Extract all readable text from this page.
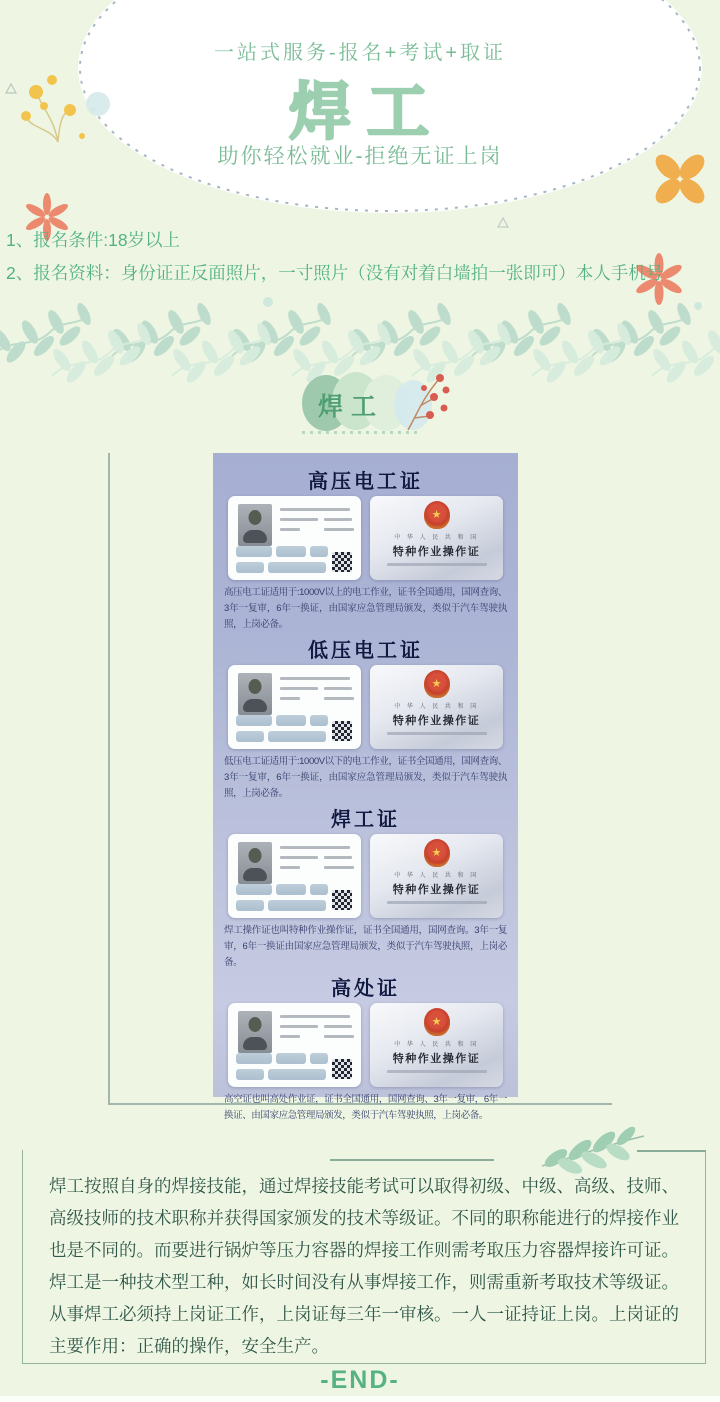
一站式服务-报名+考试+取证
焊工
助你轻松就业-拒绝无证上岗
1、报名条件:18岁以上
2、报名资料：身份证正反面照片，一寸照片（没有对着白墙拍一张即可）本人手机号
焊工
高压电工证
★
中 华 人 民 共 和 国
特种作业操作证
高压电工证适用于:1000V以上的电工作业，证书全国通用，国网查询、3年一复审，6年一换证，由国家应急管理局颁发，类似于汽车驾驶执照，上岗必备。
低压电工证
★
中 华 人 民 共 和 国
特种作业操作证
低压电工证适用于:1000V以下的电工作业，证书全国通用，国网查询、3年一复审，6年一换证，由国家应急管理局颁发，类似于汽车驾驶执照，上岗必备。
焊工证
★
中 华 人 民 共 和 国
特种作业操作证
焊工操作证也叫特种作业操作证，证书全国通用，国网查询。3年一复审，6年一换证由国家应急管理局颁发，类似于汽车驾驶执照，上岗必备。
高处证
★
中 华 人 民 共 和 国
特种作业操作证
高空证也叫高处作业证，证书全国通用，国网查询、3年一复审，6年一换证、由国家应急管理局颁发，类似于汽车驾驶执照，上岗必备。

焊工按照自身的焊接技能，通过焊接技能考试可以取得初级、中级、高级、技师、高级技师的技术职称并获得国家颁发的技术等级证。不同的职称能进行的焊接作业也是不同的。而要进行锅炉等压力容器的焊接工作则需考取压力容器焊接许可证。

焊工是一种技术型工种，如长时间没有从事焊接工作，则需重新考取技术等级证。从事焊工必须持上岗证工作，上岗证每三年一审核。一人一证持证上岗。上岗证的主要作用：正确的操作，安全生产。

-END-
